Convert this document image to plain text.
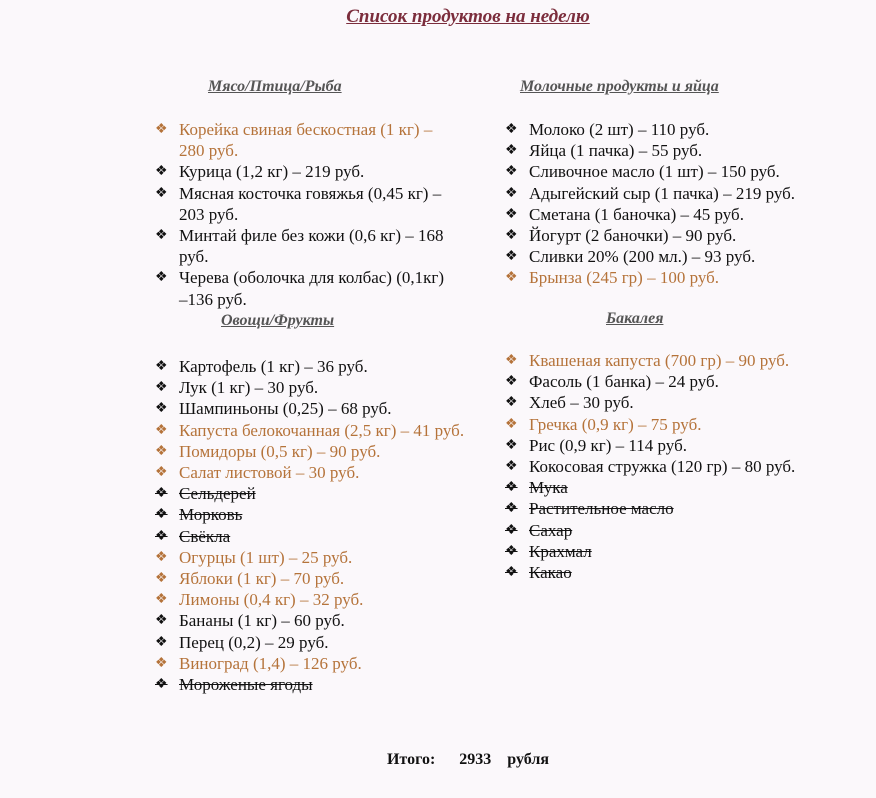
Список продуктов на неделю
Мясо/Птица/Рыба
❖ Корейка свиная бескостная (1 кг) – 280 руб.
❖ Курица (1,2 кг) – 219 руб.
❖ Мясная косточка говяжья (0,45 кг) – 203 руб.
❖ Минтай филе без кожи (0,6 кг) – 168 руб.
❖ Черева (оболочка для колбас) (0,1кг) –136 руб.
Овощи/Фрукты
❖ Картофель (1 кг) – 36 руб.
❖ Лук (1 кг) – 30 руб.
❖ Шампиньоны (0,25) – 68 руб.
❖ Капуста белокочанная (2,5 кг) – 41 руб.
❖ Помидоры (0,5 кг) – 90 руб.
❖ Салат листовой – 30 руб.
❖ Сельдерей
❖ Морковь
❖ Свёкла
❖ Огурцы (1 шт) – 25 руб.
❖ Яблоки (1 кг) – 70 руб.
❖ Лимоны (0,4 кг) – 32 руб.
❖ Бананы (1 кг) – 60 руб.
❖ Перец (0,2) – 29 руб.
❖ Виноград (1,4) – 126 руб.
❖ Мороженые ягоды
Молочные продукты и яйца
❖ Молоко (2 шт) – 110 руб.
❖ Яйца (1 пачка) – 55 руб.
❖ Сливочное масло (1 шт) – 150 руб.
❖ Адыгейский сыр (1 пачка) – 219 руб.
❖ Сметана (1 баночка) – 45 руб.
❖ Йогурт (2 баночки) – 90 руб.
❖ Сливки 20% (200 мл.) – 93 руб.
❖ Брынза (245 гр) – 100 руб.
Бакалея
❖ Квашеная капуста (700 гр) – 90 руб.
❖ Фасоль (1 банка) – 24 руб.
❖ Хлеб – 30 руб.
❖ Гречка (0,9 кг) – 75 руб.
❖ Рис (0,9 кг) – 114 руб.
❖ Кокосовая стружка (120 гр) – 80 руб.
❖ Мука
❖ Растительное масло
❖ Сахар
❖ Крахмал
❖ Какао
Итого: 2933 рубля
